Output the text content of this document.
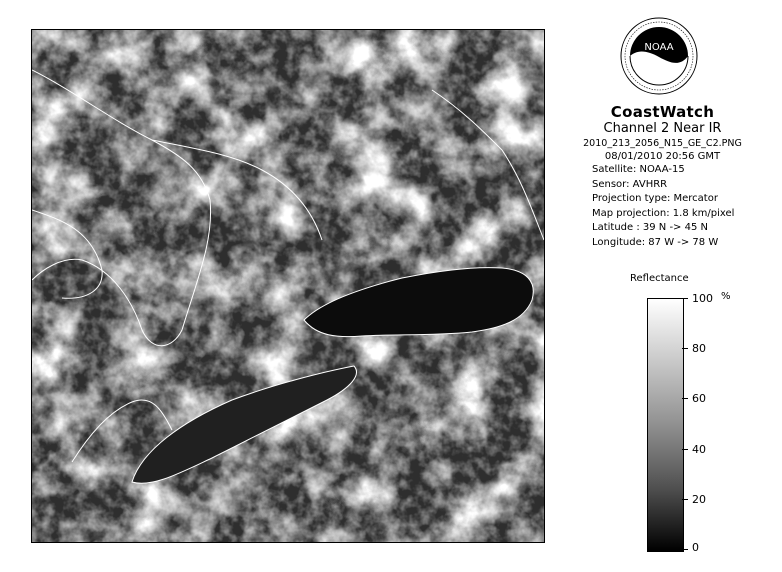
NOAA
CoastWatch
Channel 2 Near IR
2010_213_2056_N15_GE_C2.PNG
08/01/2010 20:56 GMT
Satellite: NOAA-15
Sensor: AVHRR
Projection type: Mercator
Map projection: 1.8 km/pixel
Latitude : 39 N -> 45 N
Longitude: 87 W -> 78 W
Reflectance
%
100
80
60
40
20
0
